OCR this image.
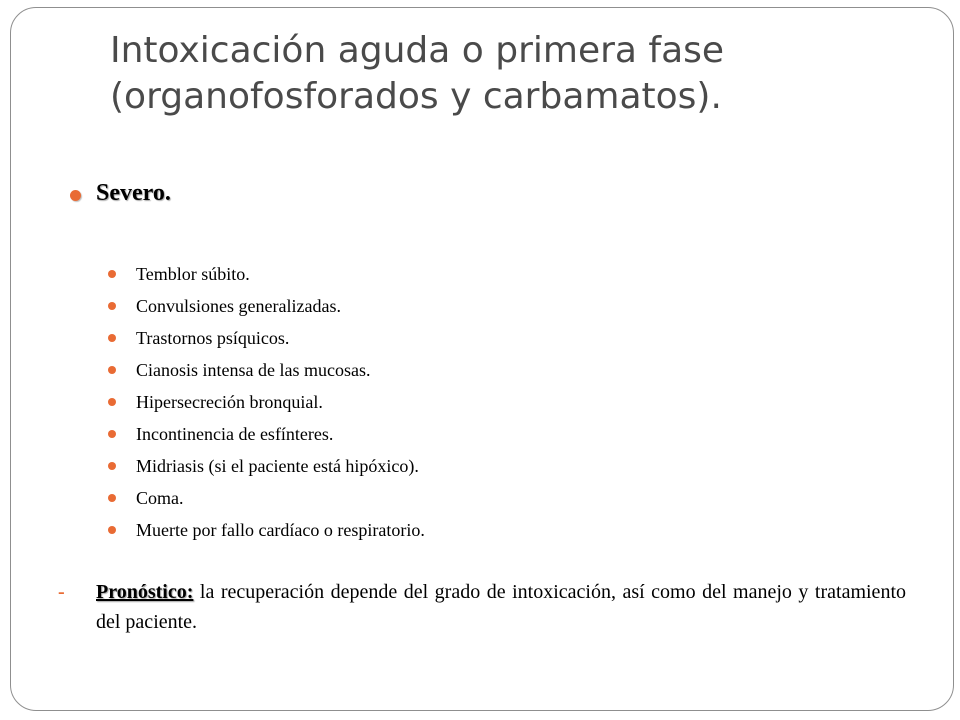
Intoxicación aguda o primera fase (organofosforados y carbamatos).
Severo.
Temblor súbito.
Convulsiones generalizadas.
Trastornos psíquicos.
Cianosis intensa de las mucosas.
Hipersecreción bronquial.
Incontinencia de esfínteres.
Midriasis (si el paciente está hipóxico).
Coma.
Muerte por fallo cardíaco o respiratorio.
-	Pronóstico: la recuperación depende del grado de intoxicación, así como del manejo y tratamiento del paciente.
